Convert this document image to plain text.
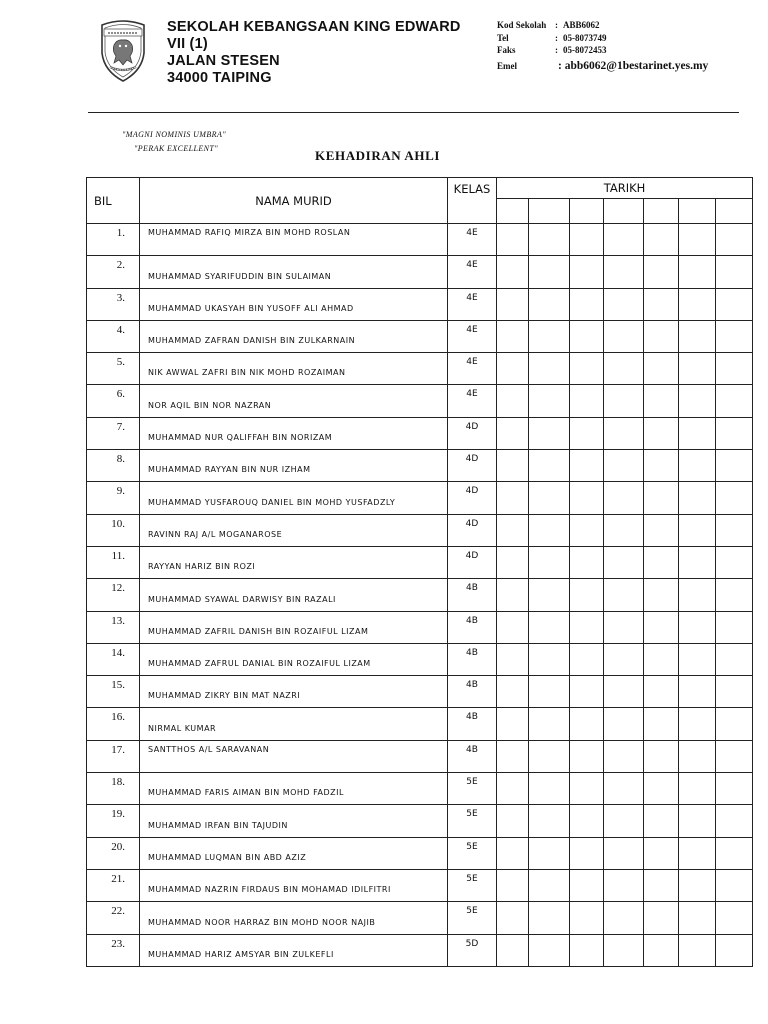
SEKOLAH KEBANGSAAN KING EDWARD
VII (1)
JALAN STESEN
34000 TAIPING
Kod Sekolah : ABB6062
Tel	: 05-8073749
Faks	: 05-8072453
Emel	: abb6062@1bestarinet.yes.my
"MAGNI NOMINIS UMBRA"
"PERAK EXCELLENT"	KEHADIRAN AHLI
BIL	NAMA MURID	KELAS	TARIKH						

1.	MUHAMMAD RAFIQ MIRZA BIN MOHD ROSLAN	4E							
2.	MUHAMMAD SYARIFUDDIN BIN SULAIMAN	4E							
3.	MUHAMMAD UKASYAH BIN YUSOFF ALI AHMAD	4E							
4.	MUHAMMAD ZAFRAN DANISH BIN ZULKARNAIN	4E							
5.	NIK AWWAL ZAFRI BIN NIK MOHD ROZAIMAN	4E							
6.	NOR AQIL BIN NOR NAZRAN	4E							
7.	MUHAMMAD NUR QALIFFAH BIN NORIZAM	4D							
8.	MUHAMMAD RAYYAN BIN NUR IZHAM	4D							
9.	MUHAMMAD YUSFAROUQ DANIEL BIN MOHD YUSFADZLY	4D							
10.	RAVINN RAJ A/L MOGANAROSE	4D							
11.	RAYYAN HARIZ BIN ROZI	4D							
12.	MUHAMMAD SYAWAL DARWISY BIN RAZALI	4B							
13.	MUHAMMAD ZAFRIL DANISH BIN ROZAIFUL LIZAM	4B							
14.	MUHAMMAD ZAFRUL DANIAL BIN ROZAIFUL LIZAM	4B							
15.	MUHAMMAD ZIKRY BIN MAT NAZRI	4B							
16.	NIRMAL KUMAR	4B							
17.	SANTTHOS A/L SARAVANAN	4B							
18.	MUHAMMAD FARIS AIMAN BIN MOHD FADZIL	5E							
19.	MUHAMMAD IRFAN BIN TAJUDIN	5E							
20.	MUHAMMAD LUQMAN BIN ABD AZIZ	5E							
21.	MUHAMMAD NAZRIN FIRDAUS BIN MOHAMAD IDILFITRI	5E							
22.	MUHAMMAD NOOR HARRAZ BIN MOHD NOOR NAJIB	5E							
23.	MUHAMMAD HARIZ AMSYAR BIN ZULKEFLI	5D							
